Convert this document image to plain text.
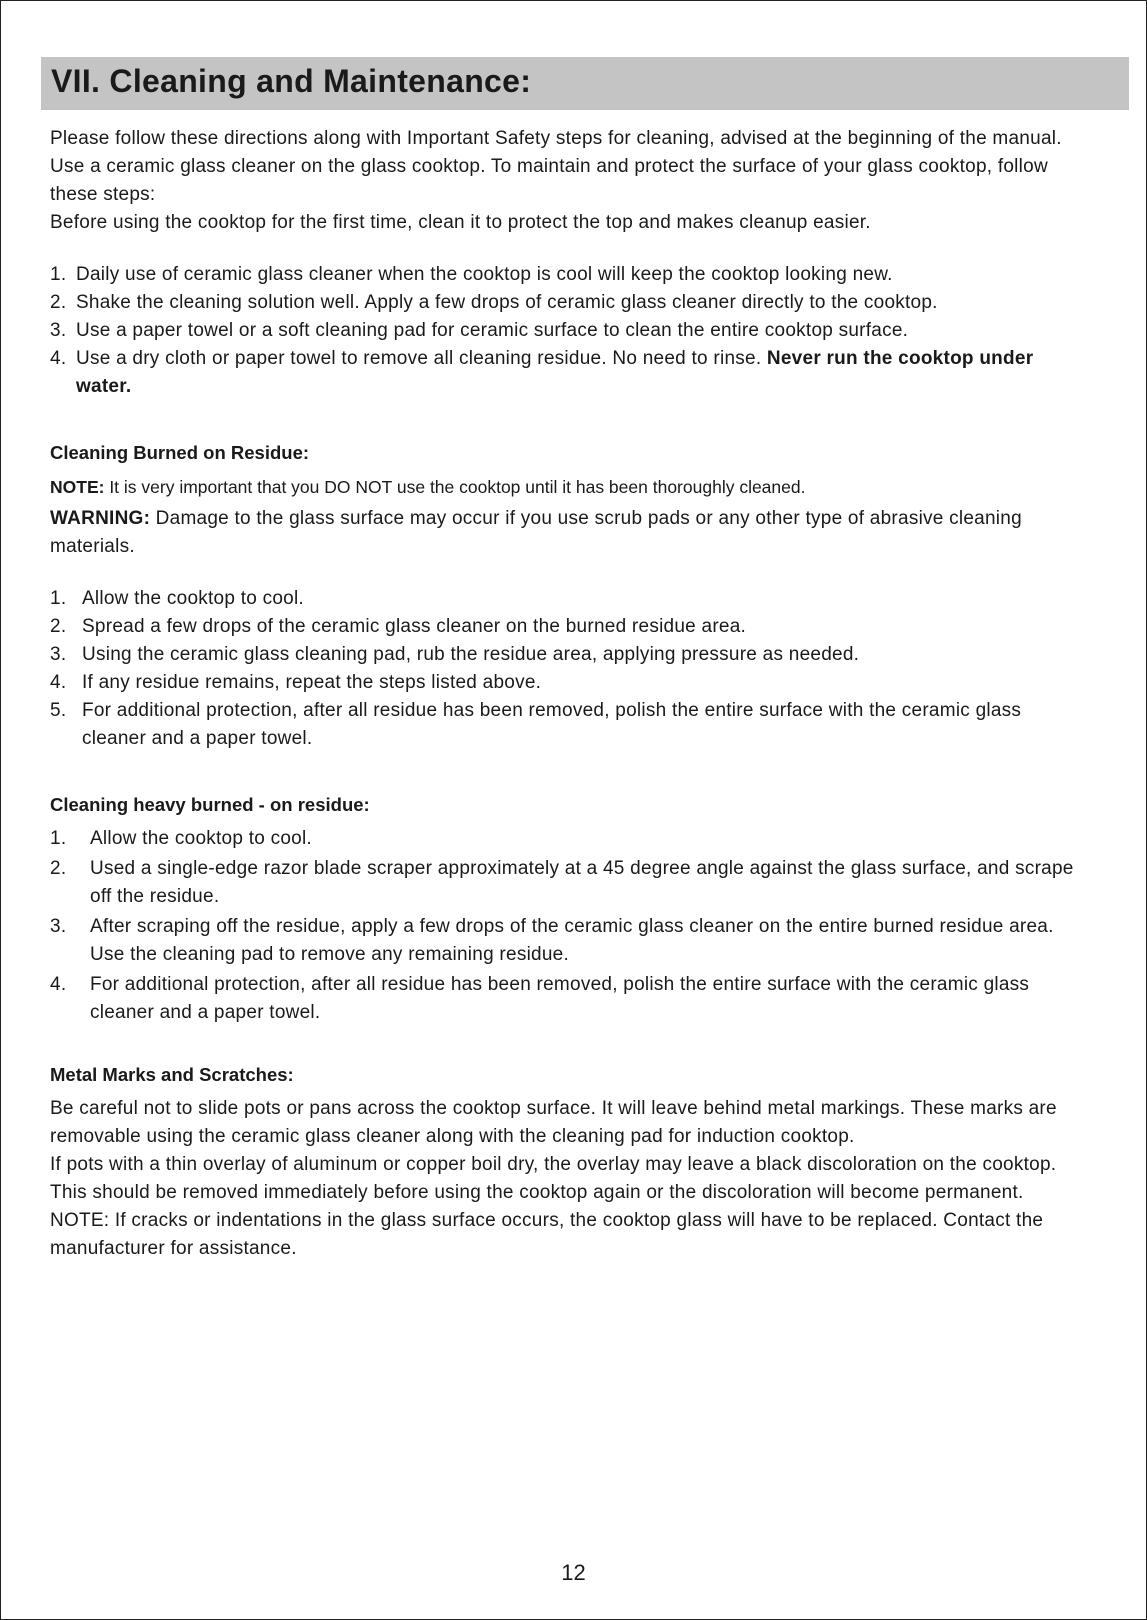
VII. Cleaning and Maintenance:

Please follow these directions along with Important Safety steps for cleaning, advised at the beginning of the manual. Use a ceramic glass cleaner on the glass cooktop. To maintain and protect the surface of your glass cooktop, follow these steps:

Before using the cooktop for the first time, clean it to protect the top and makes cleanup easier.

1. Daily use of ceramic glass cleaner when the cooktop is cool will keep the cooktop looking new.
2. Shake the cleaning solution well. Apply a few drops of ceramic glass cleaner directly to the cooktop.
3. Use a paper towel or a soft cleaning pad for ceramic surface to clean the entire cooktop surface.
4. Use a dry cloth or paper towel to remove all cleaning residue. No need to rinse. Never run the cooktop under water.
Cleaning Burned on Residue:

NOTE: It is very important that you DO NOT use the cooktop until it has been thoroughly cleaned.

WARNING: Damage to the glass surface may occur if you use scrub pads or any other type of abrasive cleaning materials.

1. Allow the cooktop to cool.
2. Spread a few drops of the ceramic glass cleaner on the burned residue area.
3. Using the ceramic glass cleaning pad, rub the residue area, applying pressure as needed.
4. If any residue remains, repeat the steps listed above.
5. For additional protection, after all residue has been removed, polish the entire surface with the ceramic glass cleaner and a paper towel.
Cleaning heavy burned - on residue:
1. Allow the cooktop to cool.
2. Used a single-edge razor blade scraper approximately at a 45 degree angle against the glass surface, and scrape off the residue.
3. After scraping off the residue, apply a few drops of the ceramic glass cleaner on the entire burned residue area. Use the cleaning pad to remove any remaining residue.
4. For additional protection, after all residue has been removed, polish the entire surface with the ceramic glass cleaner and a paper towel.
Metal Marks and Scratches:

Be careful not to slide pots or pans across the cooktop surface. It will leave behind metal markings. These marks are removable using the ceramic glass cleaner along with the cleaning pad for induction cooktop.

If pots with a thin overlay of aluminum or copper boil dry, the overlay may leave a black discoloration on the cooktop. This should be removed immediately before using the cooktop again or the discoloration will become permanent.

NOTE: If cracks or indentations in the glass surface occurs, the cooktop glass will have to be replaced. Contact the manufacturer for assistance.

12
